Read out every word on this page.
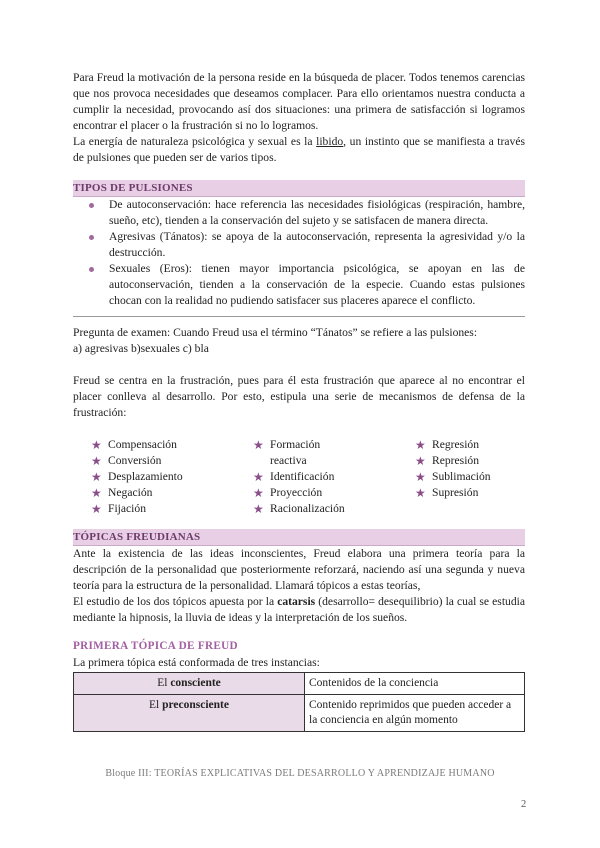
Para Freud la motivación de la persona reside en la búsqueda de placer. Todos tenemos carencias que nos provoca necesidades que deseamos complacer. Para ello orientamos nuestra conducta a cumplir la necesidad, provocando así dos situaciones: una primera de satisfacción si logramos encontrar el placer o la frustración si no lo logramos.

La energía de naturaleza psicológica y sexual es la libido, un instinto que se manifiesta a través de pulsiones que pueden ser de varios tipos.

TIPOS DE PULSIONES
De autoconservación: hace referencia las necesidades fisiológicas (respiración, hambre, sueño, etc), tienden a la conservación del sujeto y se satisfacen de manera directa.
Agresivas (Tánatos): se apoya de la autoconservación, representa la agresividad y/o la destrucción.
Sexuales (Eros): tienen mayor importancia psicológica, se apoyan en las de autoconservación, tienden a la conservación de la especie. Cuando estas pulsiones chocan con la realidad no pudiendo satisfacer sus placeres aparece el conflicto.

Pregunta de examen: Cuando Freud usa el término “Tánatos” se refiere a las pulsiones:

a) agresivas b)sexuales c) bla

Freud se centra en la frustración, pues para él esta frustración que aparece al no encontrar el placer conlleva al desarrollo. Por esto, estipula una serie de mecanismos de defensa de la frustración:

★ Compensación
★ Conversión
★ Desplazamiento
★ Negación
★ Fijación
★ Formación reactiva
★ Identificación
★ Proyección
★ Racionalización
★ Regresión
★ Represión
★ Sublimación
★ Supresión
TÓPICAS FREUDIANAS

Ante la existencia de las ideas inconscientes, Freud elabora una primera teoría para la descripción de la personalidad que posteriormente reforzará, naciendo así una segunda y nueva teoría para la estructura de la personalidad. Llamará tópicos a estas teorías,

El estudio de los dos tópicos apuesta por la catarsis (desarrollo= desequilibrio) la cual se estudia mediante la hipnosis, la lluvia de ideas y la interpretación de los sueños.

PRIMERA TÓPICA DE FREUD

La primera tópica está conformada de tres instancias:

El consciente	Contenidos de la conciencia
El preconsciente	Contenido reprimidos que pueden acceder a la conciencia en algún momento
Bloque III: TEORÍAS EXPLICATIVAS DEL DESARROLLO Y APRENDIZAJE HUMANO
2
